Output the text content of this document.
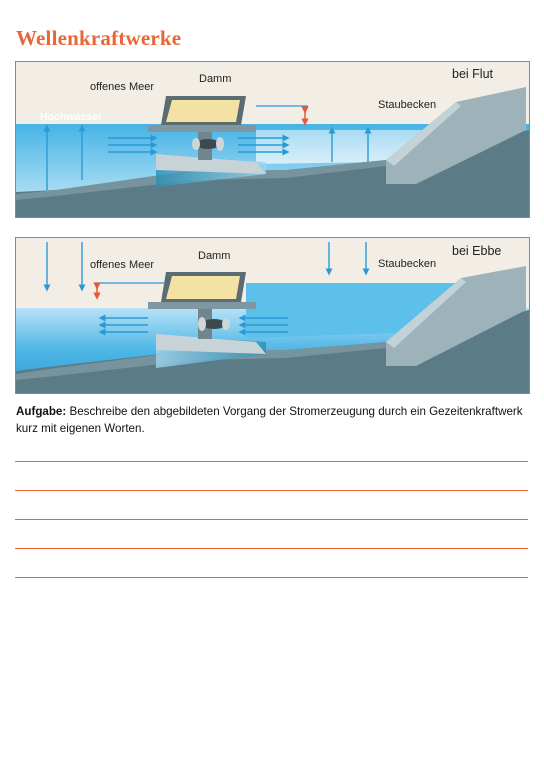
Wellenkraftwerke
offenes Meer
Damm
Staubecken
bei Flut
Hochwasser
offenes Meer
Damm
Staubecken
bei Ebbe

Aufgabe: Beschreibe den abgebildeten Vorgang der Stromerzeugung durch ein Gezeitenkraftwerk kurz mit eigenen Worten.
